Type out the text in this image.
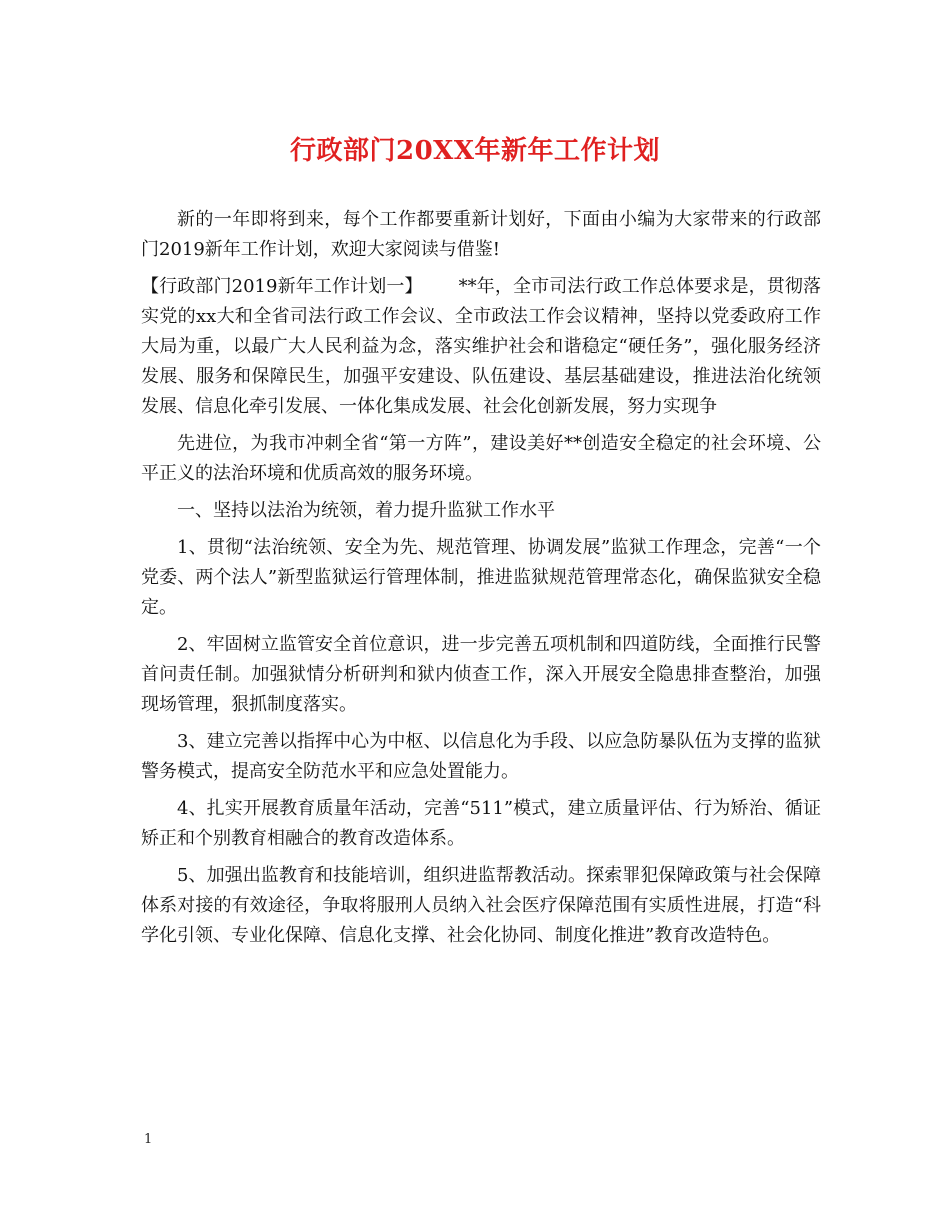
行政部门20XX年新年工作计划

新的一年即将到来，每个工作都要重新计划好，下面由小编为大家带来的行政部门2019新年工作计划，欢迎大家阅读与借鉴!

【行政部门2019新年工作计划一】 **年，全市司法行政工作总体要求是，贯彻落实党的xx大和全省司法行政工作会议、全市政法工作会议精神，坚持以党委政府工作大局为重，以最广大人民利益为念，落实维护社会和谐稳定“硬任务”，强化服务经济发展、服务和保障民生，加强平安建设、队伍建设、基层基础建设，推进法治化统领发展、信息化牵引发展、一体化集成发展、社会化创新发展，努力实现争

先进位，为我市冲刺全省“第一方阵”，建设美好**创造安全稳定的社会环境、公平正义的法治环境和优质高效的服务环境。

一、坚持以法治为统领，着力提升监狱工作水平

1、贯彻“法治统领、安全为先、规范管理、协调发展”监狱工作理念，完善“一个党委、两个法人”新型监狱运行管理体制，推进监狱规范管理常态化，确保监狱安全稳定。

2、牢固树立监管安全首位意识，进一步完善五项机制和四道防线，全面推行民警首问责任制。加强狱情分析研判和狱内侦查工作，深入开展安全隐患排查整治，加强现场管理，狠抓制度落实。

3、建立完善以指挥中心为中枢、以信息化为手段、以应急防暴队伍为支撑的监狱警务模式，提高安全防范水平和应急处置能力。

4、扎实开展教育质量年活动，完善“511”模式，建立质量评估、行为矫治、循证矫正和个别教育相融合的教育改造体系。

5、加强出监教育和技能培训，组织进监帮教活动。探索罪犯保障政策与社会保障体系对接的有效途径，争取将服刑人员纳入社会医疗保障范围有实质性进展，打造“科学化引领、专业化保障、信息化支撑、社会化协同、制度化推进”教育改造特色。

1
